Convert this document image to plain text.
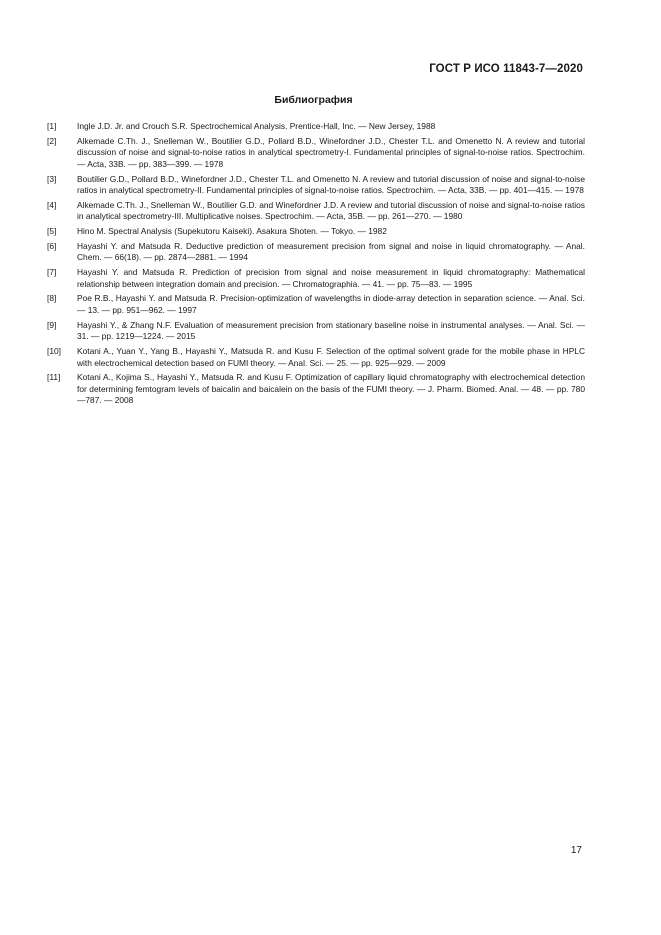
ГОСТ Р ИСО 11843-7—2020
Библиография
[1]	Ingle J.D. Jr. and Crouch S.R. Spectrochemical Analysis. Prentice-Hall, Inc. — New Jersey, 1988
[2]	Alkemade C.Th. J., Snelleman W., Boutilier G.D., Pollard B.D., Winefordner J.D., Chester T.L. and Omenetto N. A review and tutorial discussion of noise and signal-to-noise ratios in analytical spectrometry-I. Fundamental principles of signal-to-noise ratios. Spectrochim. — Acta, 33B. — pp. 383—399. — 1978
[3]	Boutilier G.D., Pollard B.D., Winefordner J.D., Chester T.L. and Omenetto N. A review and tutorial discussion of noise and signal-to-noise ratios in analytical spectrometry-II. Fundamental principles of signal-to-noise ratios. Spectrochim. — Acta, 33B. — pp. 401—415. — 1978
[4]	Alkemade C.Th. J., Snelleman W., Boutilier G.D. and Winefordner J.D. A review and tutorial discussion of noise and signal-to-noise ratios in analytical spectrometry-III. Multiplicative noises. Spectrochim. — Acta, 35B. — pp. 261—270. — 1980
[5]	Hino M. Spectral Analysis (Supekutoru Kaiseki). Asakura Shoten. — Tokyo. — 1982
[6]	Hayashi Y. and Matsuda R. Deductive prediction of measurement precision from signal and noise in liquid chromatography. — Anal. Chem. — 66(18). — pp. 2874—2881. — 1994
[7]	Hayashi Y. and Matsuda R. Prediction of precision from signal and noise measurement in liquid chromatography: Mathematical relationship between integration domain and precision. — Chromatographia. — 41. — pp. 75—83. — 1995
[8]	Poe R.B., Hayashi Y. and Matsuda R. Precision-optimization of wavelengths in diode-array detection in separation science. — Anal. Sci. — 13. — pp. 951—962. — 1997
[9]	Hayashi Y., & Zhang N.F. Evaluation of measurement precision from stationary baseline noise in instrumental analyses. — Anal. Sci. — 31. — pp. 1219—1224. — 2015
[10]	Kotani A., Yuan Y., Yang B., Hayashi Y., Matsuda R. and Kusu F. Selection of the optimal solvent grade for the mobile phase in HPLC with electrochemical detection based on FUMI theory. — Anal. Sci. — 25. — pp. 925—929. — 2009
[11]	Kotani A., Kojima S., Hayashi Y., Matsuda R. and Kusu F. Optimization of capillary liquid chromatography with electrochemical detection for determining femtogram levels of baicalin and baicalein on the basis of the FUMI theory. — J. Pharm. Biomed. Anal. — 48. — pp. 780—787. — 2008
17
